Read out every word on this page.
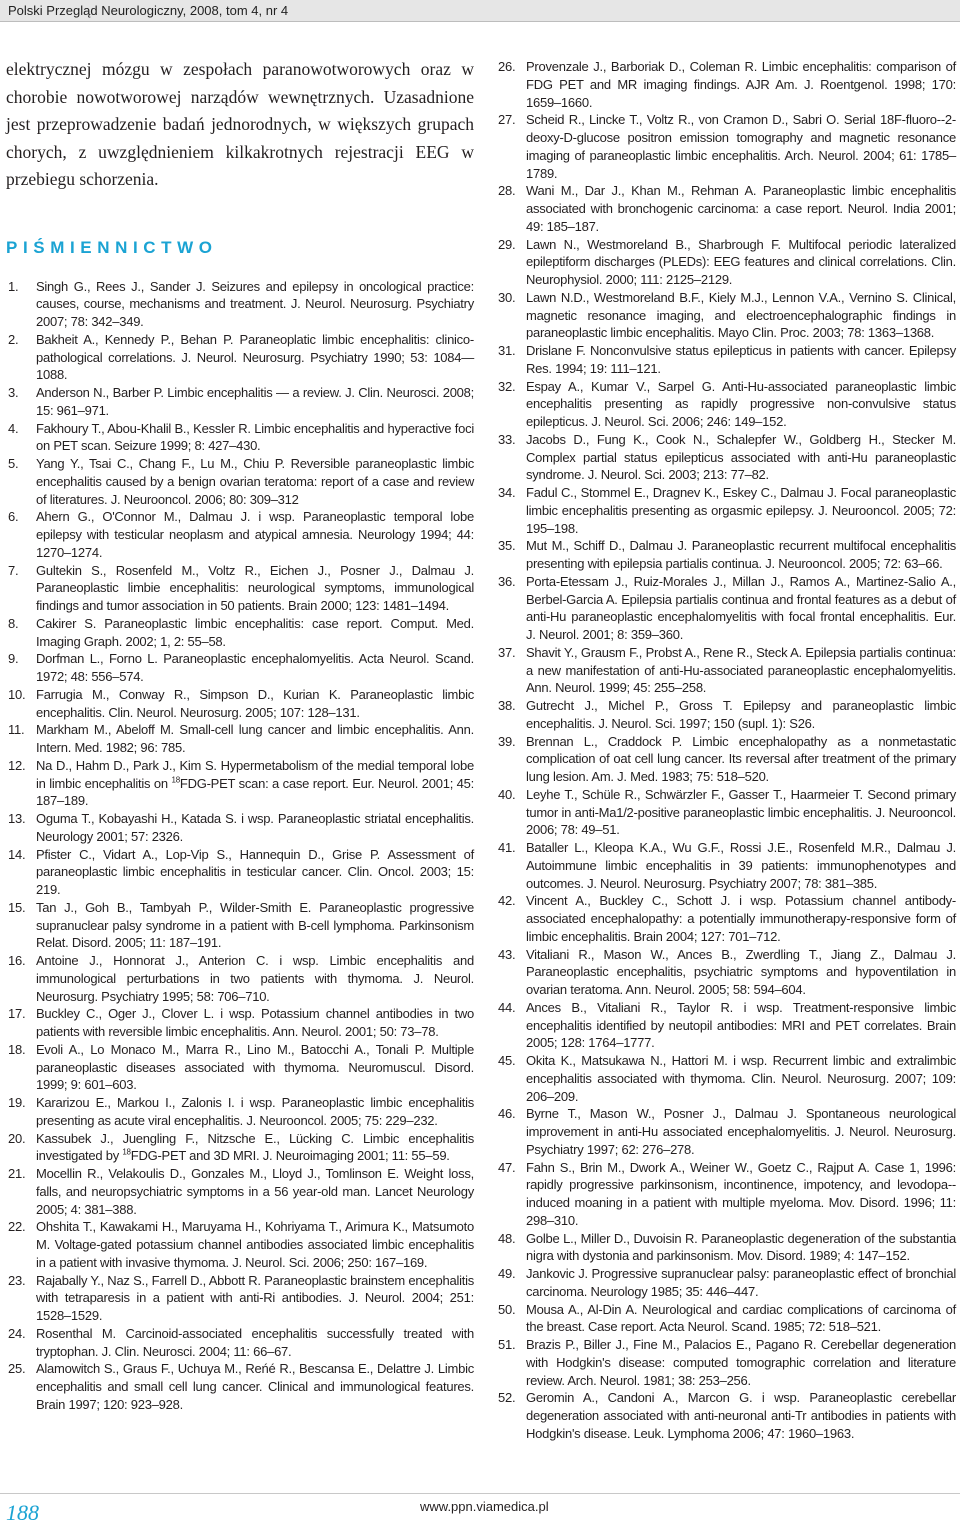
Polski Przegląd Neurologiczny, 2008, tom 4, nr 4

elektrycznej mózgu w zespołach paranowotworowych oraz w chorobie nowotworowej narządów wewnętrznych. Uzasadnione jest przeprowadzenie badań jednorodnych, w większych grupach chorych, z uwzględnieniem kilkakrotnych rejestracji EEG w przebiegu schorzenia.

PIŚMIENNICTWO
1. Singh G., Rees J., Sander J. Seizures and epilepsy in oncological practice: causes, course, mechanisms and treatment. J. Neurol. Neurosurg. Psychiatry 2007; 78: 342–349.
2. Bakheit A., Kennedy P., Behan P. Paraneoplatic limbic encephalitis: clinico-pathological correlations. J. Neurol. Neurosurg. Psychiatry 1990; 53: 1084—1088.
3. Anderson N., Barber P. Limbic encephalitis — a review. J. Clin. Neurosci. 2008; 15: 961–971.
4. Fakhoury T., Abou-Khalil B., Kessler R. Limbic encephalitis and hyperactive foci on PET scan. Seizure 1999; 8: 427–430.
5. Yang Y., Tsai C., Chang F., Lu M., Chiu P. Reversible paraneoplastic limbic encephalitis caused by a benign ovarian teratoma: report of a case and review of literatures. J. Neurooncol. 2006; 80: 309–312
6. Ahern G., O'Connor M., Dalmau J. i wsp. Paraneoplastic temporal lobe epilepsy with testicular neoplasm and atypical amnesia. Neurology 1994; 44: 1270–1274.
7. Gultekin S., Rosenfeld M., Voltz R., Eichen J., Posner J., Dalmau J. Paraneoplastic limbie encephalitis: neurological symptoms, immunological findings and tumor association in 50 patients. Brain 2000; 123: 1481–1494.
8. Cakirer S. Paraneoplastic limbic encephalitis: case report. Comput. Med. Imaging Graph. 2002; 1, 2: 55–58.
9. Dorfman L., Forno L. Paraneoplastic encephalomyelitis. Acta Neurol. Scand. 1972; 48: 556–574.
10. Farrugia M., Conway R., Simpson D., Kurian K. Paraneoplastic limbic encephalitis. Clin. Neurol. Neurosurg. 2005; 107: 128–131.
11. Markham M., Abeloff M. Small-cell lung cancer and limbic encephalitis. Ann. Intern. Med. 1982; 96: 785.
12. Na D., Hahm D., Park J., Kim S. Hypermetabolism of the medial temporal lobe in limbic encephalitis on $^{18}$FDG-PET scan: a case report. Eur. Neurol. 2001; 45: 187–189.
13. Oguma T., Kobayashi H., Katada S. i wsp. Paraneoplastic striatal encephalitis. Neurology 2001; 57: 2326.
14. Pfister C., Vidart A., Lop-Vip S., Hannequin D., Grise P. Assessment of paraneoplastic limbic encephalitis in testicular cancer. Clin. Oncol. 2003; 15: 219.
15. Tan J., Goh B., Tambyah P., Wilder-Smith E. Paraneoplastic progressive supranuclear palsy syndrome in a patient with B-cell lymphoma. Parkinsonism Relat. Disord. 2005; 11: 187–191.
16. Antoine J., Honnorat J., Anterion C. i wsp. Limbic encephalitis and immunological perturbations in two patients with thymoma. J. Neurol. Neurosurg. Psychiatry 1995; 58: 706–710.
17. Buckley C., Oger J., Clover L. i wsp. Potassium channel antibodies in two patients with reversible limbic encephalitis. Ann. Neurol. 2001; 50: 73–78.
18. Evoli A., Lo Monaco M., Marra R., Lino M., Batocchi A., Tonali P. Multiple paraneoplastic diseases associated with thymoma. Neuromuscul. Disord. 1999; 9: 601–603.
19. Kararizou E., Markou I., Zalonis I. i wsp. Paraneoplastic limbic encephalitis presenting as acute viral encephalitis. J. Neurooncol. 2005; 75: 229–232.
20. Kassubek J., Juengling F., Nitzsche E., Lücking C. Limbic encephalitis investigated by $^{18}$FDG-PET and 3D MRI. J. Neuroimaging 2001; 11: 55–59.
21. Mocellin R., Velakoulis D., Gonzales M., Lloyd J., Tomlinson E. Weight loss, falls, and neuropsychiatric symptoms in a 56 year-old man. Lancet Neurology 2005; 4: 381–388.
22. Ohshita T., Kawakami H., Maruyama H., Kohriyama T., Arimura K., Matsumoto M. Voltage-gated potassium channel antibodies associated limbic encephalitis in a patient with invasive thymoma. J. Neurol. Sci. 2006; 250: 167–169.
23. Rajabally Y., Naz S., Farrell D., Abbott R. Paraneoplastic brainstem encephalitis with tetraparesis in a patient with anti-Ri antibodies. J. Neurol. 2004; 251: 1528–1529.
24. Rosenthal M. Carcinoid-associated encephalitis successfully treated with tryptophan. J. Clin. Neurosci. 2004; 11: 66–67.
25. Alamowitch S., Graus F., Uchuya M., Reńé R., Bescansa E., Delattre J. Limbic encephalitis and small cell lung cancer. Clinical and immunological features. Brain 1997; 120: 923–928.
26. Provenzale J., Barboriak D., Coleman R. Limbic encephalitis: comparison of FDG PET and MR imaging findings. AJR Am. J. Roentgenol. 1998; 170: 1659–1660.
27. Scheid R., Lincke T., Voltz R., von Cramon D., Sabri O. Serial 18F-fluoro--2-deoxy-D-glucose positron emission tomography and magnetic resonance imaging of paraneoplastic limbic encephalitis. Arch. Neurol. 2004; 61: 1785–1789.
28. Wani M., Dar J., Khan M., Rehman A. Paraneoplastic limbic encephalitis associated with bronchogenic carcinoma: a case report. Neurol. India 2001; 49: 185–187.
29. Lawn N., Westmoreland B., Sharbrough F. Multifocal periodic lateralized epileptiform discharges (PLEDs): EEG features and clinical correlations. Clin. Neurophysiol. 2000; 111: 2125–2129.
30. Lawn N.D., Westmoreland B.F., Kiely M.J., Lennon V.A., Vernino S. Clinical, magnetic resonance imaging, and electroencephalographic findings in paraneoplastic limbic encephalitis. Mayo Clin. Proc. 2003; 78: 1363–1368.
31. Drislane F. Nonconvulsive status epilepticus in patients with cancer. Epilepsy Res. 1994; 19: 111–121.
32. Espay A., Kumar V., Sarpel G. Anti-Hu-associated paraneoplastic limbic encephalitis presenting as rapidly progressive non-convulsive status epilepticus. J. Neurol. Sci. 2006; 246: 149–152.
33. Jacobs D., Fung K., Cook N., Schalepfer W., Goldberg H., Stecker M. Complex partial status epilepticus associated with anti-Hu paraneoplastic syndrome. J. Neurol. Sci. 2003; 213: 77–82.
34. Fadul C., Stommel E., Dragnev K., Eskey C., Dalmau J. Focal paraneoplastic limbic encephalitis presenting as orgasmic epilepsy. J. Neurooncol. 2005; 72: 195–198.
35. Mut M., Schiff D., Dalmau J. Paraneoplastic recurrent multifocal encephalitis presenting with epilepsia partialis continua. J. Neurooncol. 2005; 72: 63–66.
36. Porta-Etessam J., Ruiz-Morales J., Millan J., Ramos A., Martinez-Salio A., Berbel-Garcia A. Epilepsia partialis continua and frontal features as a debut of anti-Hu paraneoplastic encephalomyelitis with focal frontal encephalitis. Eur. J. Neurol. 2001; 8: 359–360.
37. Shavit Y., Grausm F., Probst A., Rene R., Steck A. Epilepsia partialis continua: a new manifestation of anti-Hu-associated paraneoplastic encephalomyelitis. Ann. Neurol. 1999; 45: 255–258.
38. Gutrecht J., Michel P., Gross T. Epilepsy and paraneoplastic limbic encephalitis. J. Neurol. Sci. 1997; 150 (supl. 1): S26.
39. Brennan L., Craddock P. Limbic encephalopathy as a nonmetastatic complication of oat cell lung cancer. Its reversal after treatment of the primary lung lesion. Am. J. Med. 1983; 75: 518–520.
40. Leyhe T., Schüle R., Schwärzler F., Gasser T., Haarmeier T. Second primary tumor in anti-Ma1/2-positive paraneoplastic limbic encephalitis. J. Neurooncol. 2006; 78: 49–51.
41. Bataller L., Kleopa K.A., Wu G.F., Rossi J.E., Rosenfeld M.R., Dalmau J. Autoimmune limbic encephalitis in 39 patients: immunophenotypes and outcomes. J. Neurol. Neurosurg. Psychiatry 2007; 78: 381–385.
42. Vincent A., Buckley C., Schott J. i wsp. Potassium channel antibody-associated encephalopathy: a potentially immunotherapy-responsive form of limbic encephalitis. Brain 2004; 127: 701–712.
43. Vitaliani R., Mason W., Ances B., Zwerdling T., Jiang Z., Dalmau J. Paraneoplastic encephalitis, psychiatric symptoms and hypoventilation in ovarian teratoma. Ann. Neurol. 2005; 58: 594–604.
44. Ances B., Vitaliani R., Taylor R. i wsp. Treatment-responsive limbic encephalitis identified by neutopil antibodies: MRI and PET correlates. Brain 2005; 128: 1764–1777.
45. Okita K., Matsukawa N., Hattori M. i wsp. Recurrent limbic and extralimbic encephalitis associated with thymoma. Clin. Neurol. Neurosurg. 2007; 109: 206–209.
46. Byrne T., Mason W., Posner J., Dalmau J. Spontaneous neurological improvement in anti-Hu associated encephalomyelitis. J. Neurol. Neurosurg. Psychiatry 1997; 62: 276–278.
47. Fahn S., Brin M., Dwork A., Weiner W., Goetz C., Rajput A. Case 1, 1996: rapidly progressive parkinsonism, incontinence, impotency, and levodopa--induced moaning in a patient with multiple myeloma. Mov. Disord. 1996; 11: 298–310.
48. Golbe L., Miller D., Duvoisin R. Paraneoplastic degeneration of the substantia nigra with dystonia and parkinsonism. Mov. Disord. 1989; 4: 147–152.
49. Jankovic J. Progressive supranuclear palsy: paraneoplastic effect of bronchial carcinoma. Neurology 1985; 35: 446–447.
50. Mousa A., Al-Din A. Neurological and cardiac complications of carcinoma of the breast. Case report. Acta Neurol. Scand. 1985; 72: 518–521.
51. Brazis P., Biller J., Fine M., Palacios E., Pagano R. Cerebellar degeneration with Hodgkin's disease: computed tomographic correlation and literature review. Arch. Neurol. 1981; 38: 253–256.
52. Geromin A., Candoni A., Marcon G. i wsp. Paraneoplastic cerebellar degeneration associated with anti-neuronal anti-Tr antibodies in patients with Hodgkin's disease. Leuk. Lymphoma 2006; 47: 1960–1963.
188	www.ppn.viamedica.pl
